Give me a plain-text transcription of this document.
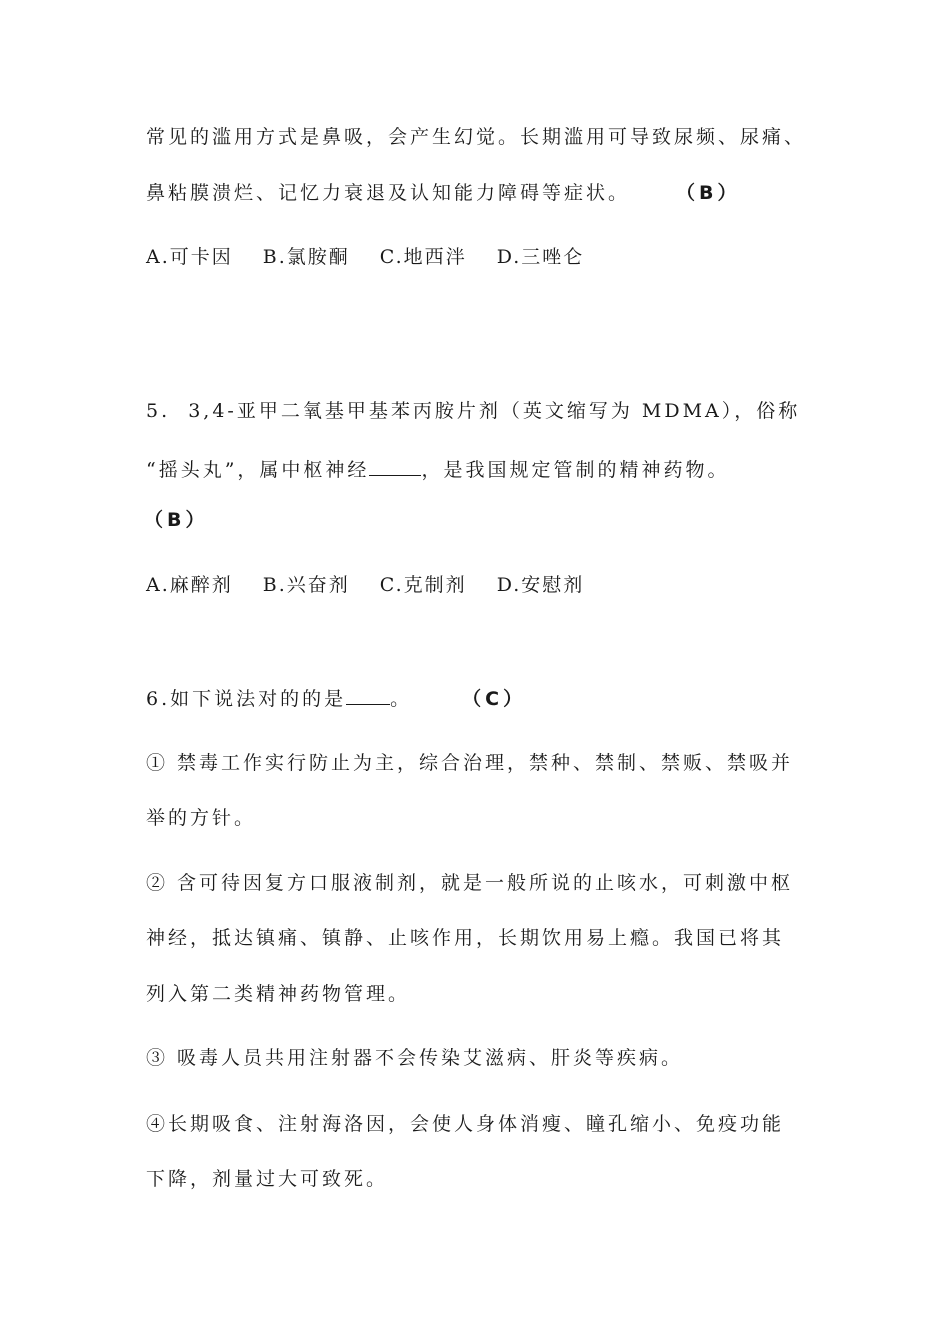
常见的滥用方式是鼻吸，会产生幻觉。长期滥用可导致尿频、尿痛、
鼻粘膜溃烂、记忆力衰退及认知能力障碍等症状。 （B）
A.可卡因 B.氯胺酮 C.地西泮 D.三唑仑
5.  3,4-亚甲二氧基甲基苯丙胺片剂（英文缩写为 MDMA），俗称
“摇头丸”，属中枢神经	，是我国规定管制的精神药物。
（B）
A.麻醉剂 B.兴奋剂 C.克制剂 D.安慰剂
6.如下说法对的的是 。	（C）
① 禁毒工作实行防止为主，综合治理，禁种、禁制、禁贩、禁吸并
举的方针。
② 含可待因复方口服液制剂，就是一般所说的止咳水，可刺激中枢
神经，抵达镇痛、镇静、止咳作用，长期饮用易上瘾。我国已将其
列入第二类精神药物管理。
③ 吸毒人员共用注射器不会传染艾滋病、肝炎等疾病。
④长期吸食、注射海洛因，会使人身体消瘦、瞳孔缩小、免疫功能
下降，剂量过大可致死。
